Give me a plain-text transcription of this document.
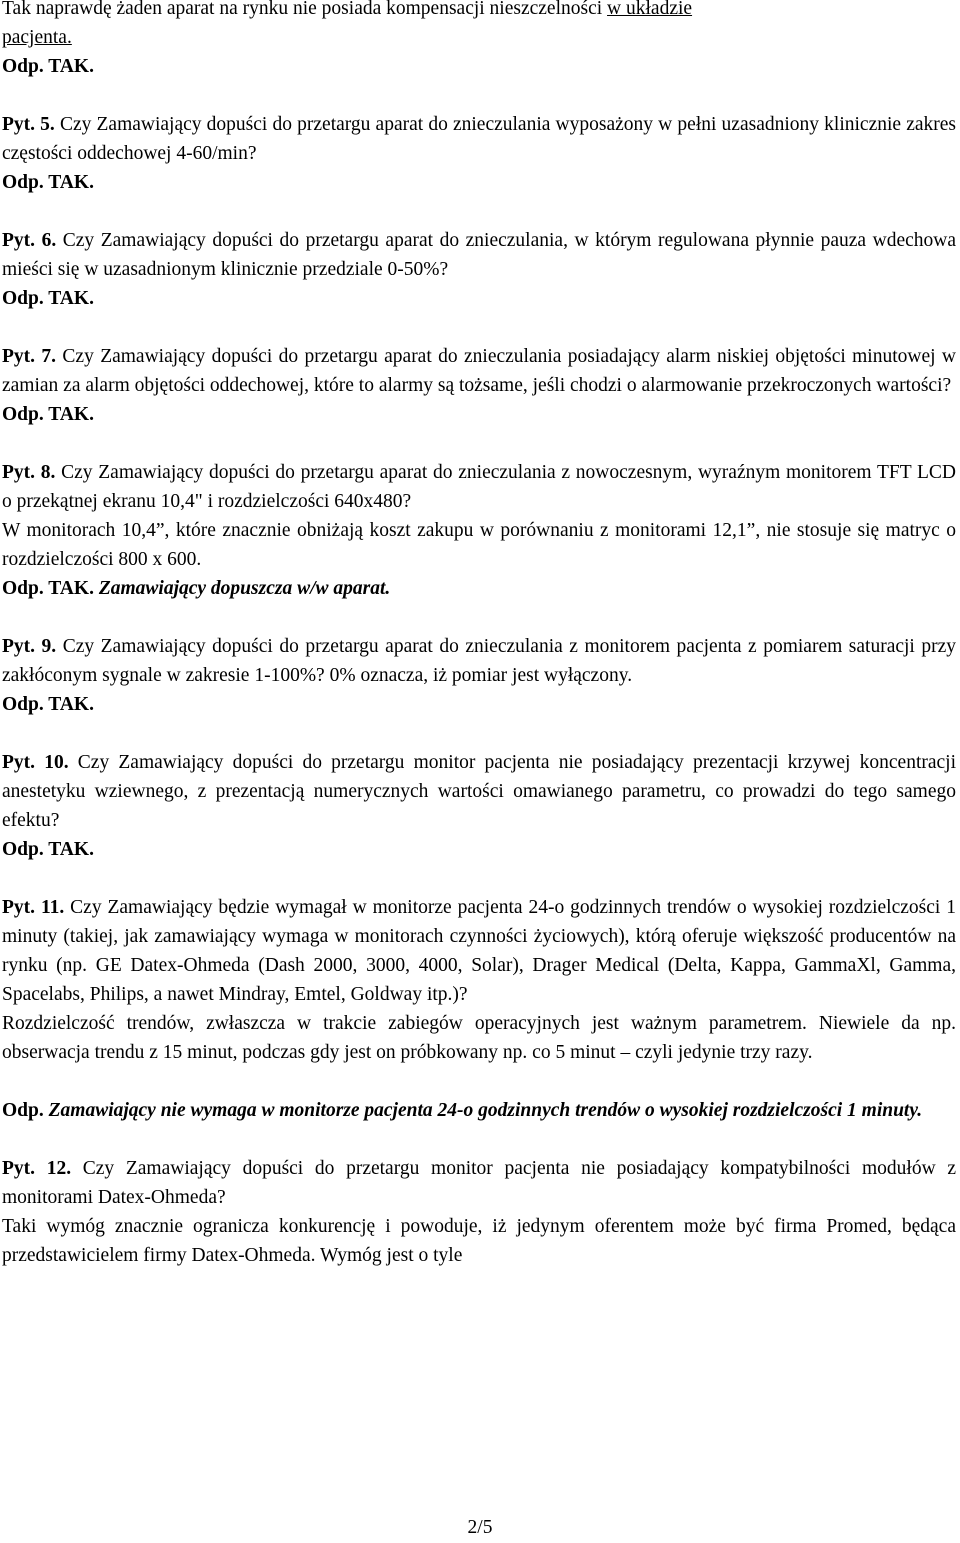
Tak naprawdę żaden aparat na rynku nie posiada kompensacji nieszczelności w układzie
pacjenta.

Odp. TAK.

Pyt. 5. Czy Zamawiający dopuści do przetargu aparat do znieczulania wyposażony w pełni uzasadniony klinicznie zakres częstości oddechowej 4-60/min?

Odp. TAK.

Pyt. 6. Czy Zamawiający dopuści do przetargu aparat do znieczulania, w którym regulowana płynnie pauza wdechowa mieści się w uzasadnionym klinicznie przedziale 0-50%?

Odp. TAK.

Pyt. 7. Czy Zamawiający dopuści do przetargu aparat do znieczulania posiadający alarm niskiej objętości minutowej w zamian za alarm objętości oddechowej, które to alarmy są tożsame, jeśli chodzi o alarmowanie przekroczonych wartości?

Odp. TAK.

Pyt. 8. Czy Zamawiający dopuści do przetargu aparat do znieczulania z nowoczesnym, wyraźnym monitorem TFT LCD o przekątnej ekranu 10,4" i rozdzielczości 640x480?

W monitorach 10,4”, które znacznie obniżają koszt zakupu w porównaniu z monitorami 12,1”, nie stosuje się matryc o rozdzielczości 800 x 600.

Odp. TAK. Zamawiający dopuszcza w/w aparat.

Pyt. 9. Czy Zamawiający dopuści do przetargu aparat do znieczulania z monitorem pacjenta z pomiarem saturacji przy zakłóconym sygnale w zakresie 1-100%? 0% oznacza, iż pomiar jest wyłączony.

Odp. TAK.

Pyt. 10. Czy Zamawiający dopuści do przetargu monitor pacjenta nie posiadający prezentacji krzywej koncentracji anestetyku wziewnego, z prezentacją numerycznych wartości omawianego parametru, co prowadzi do tego samego efektu?

Odp. TAK.

Pyt. 11. Czy Zamawiający będzie wymagał w monitorze pacjenta 24-o godzinnych trendów o wysokiej rozdzielczości 1 minuty (takiej, jak zamawiający wymaga w monitorach czynności życiowych), którą oferuje większość producentów na rynku (np. GE Datex-Ohmeda (Dash 2000, 3000, 4000, Solar), Drager Medical (Delta, Kappa, GammaXl, Gamma, Spacelabs, Philips, a nawet Mindray, Emtel, Goldway itp.)?

Rozdzielczość trendów, zwłaszcza w trakcie zabiegów operacyjnych jest ważnym parametrem. Niewiele da np. obserwacja trendu z 15 minut, podczas gdy jest on próbkowany np. co 5 minut – czyli jedynie trzy razy.

Odp. Zamawiający nie wymaga w monitorze pacjenta 24-o godzinnych trendów o wysokiej rozdzielczości 1 minuty.

Pyt. 12. Czy Zamawiający dopuści do przetargu monitor pacjenta nie posiadający kompatybilności modułów z monitorami Datex-Ohmeda?

Taki wymóg znacznie ogranicza konkurencję i powoduje, iż jedynym oferentem może być firma Promed, będąca przedstawicielem firmy Datex-Ohmeda. Wymóg jest o tyle

2/5
